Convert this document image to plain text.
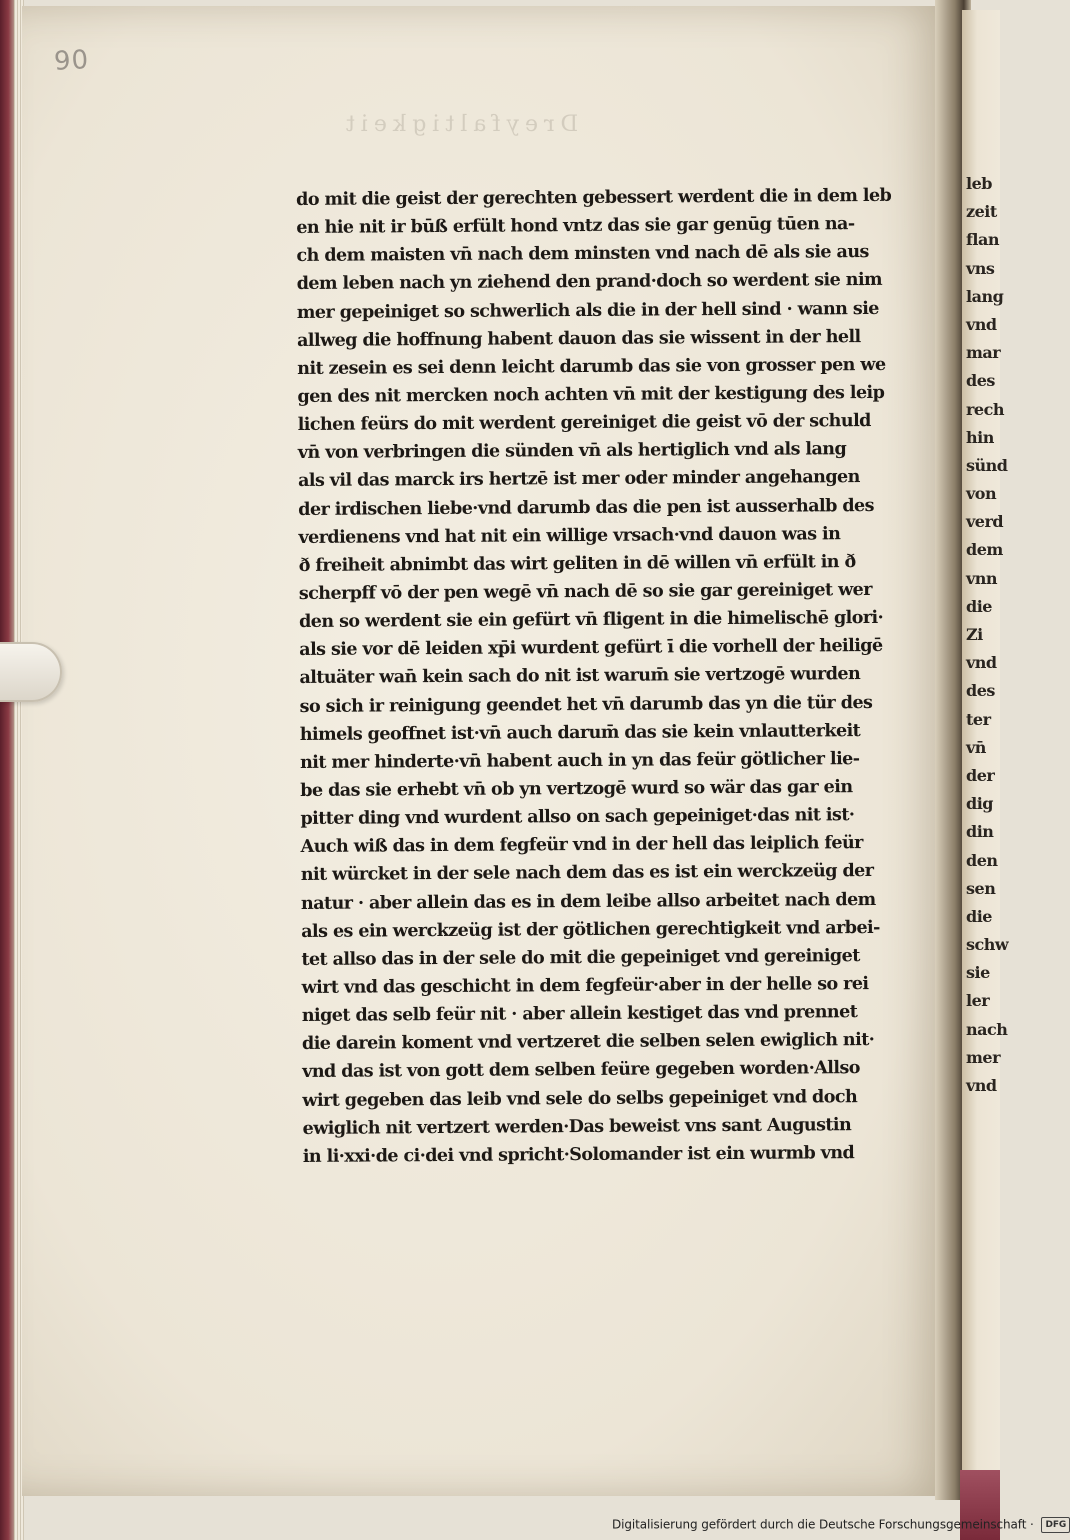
90
Dreyfaltigkeit
do mit die geist der gerechten gebessert werdent die in dem leb
en hie nit ir būß erfült hond vntz das sie gar genūg tūen na-
ch dem maisten vn̄ nach dem minsten vnd nach dē als sie aus
dem leben nach yn ziehend den prand·doch so werdent sie nim
mer gepeiniget so schwerlich als die in der hell sind · wann sie
allweg die hoffnung habent dauon das sie wissent in der hell
nit zesein es sei denn leicht darumb das sie von grosser pen we
gen des nit mercken noch achten vn̄ mit der kestigung des leip
lichen feürs do mit werdent gereiniget die geist vō der schuld
vn̄ von verbringen die sünden vn̄ als hertiglich vnd als lang
als vil das marck irs hertzē ist mer oder minder angehangen
der irdischen liebe·vnd darumb das die pen ist ausserhalb des
verdienens vnd hat nit ein willige vrsach·vnd dauon was in
ð freiheit abnimbt das wirt geliten in dē willen vn̄ erfült in ð
scherpff vō der pen wegē vn̄ nach dē so sie gar gereiniget wer
den so werdent sie ein gefürt vn̄ fligent in die himelischē glori·
als sie vor dē leiden xp̄i wurdent gefürt ī die vorhell der heiligē
altuäter wan̄ kein sach do nit ist warum̄ sie vertzogē wurden
so sich ir reinigung geendet het vn̄ darumb das yn die tür des
himels geoffnet ist·vn̄ auch darum̄ das sie kein vnlautterkeit
nit mer hinderte·vn̄ habent auch in yn das feür götlicher lie-
be das sie erhebt vn̄ ob yn vertzogē wurd so wär das gar ein
pitter ding vnd wurdent allso on sach gepeiniget·das nit ist·
Auch wiß das in dem fegfeür vnd in der hell das leiplich feür
nit würcket in der sele nach dem das es ist ein werckzeüg der
natur · aber allein das es in dem leibe allso arbeitet nach dem
als es ein werckzeüg ist der götlichen gerechtigkeit vnd arbei-
tet allso das in der sele do mit die gepeiniget vnd gereiniget
wirt vnd das geschicht in dem fegfeür·aber in der helle so rei
niget das selb feür nit · aber allein kestiget das vnd prennet
die darein koment vnd vertzeret die selben selen ewiglich nit·
vnd das ist von gott dem selben feüre gegeben worden·Allso
wirt gegeben das leib vnd sele do selbs gepeiniget vnd doch
ewiglich nit vertzert werden·Das beweist vns sant Augustin
in li·xxi·de ci·dei vnd spricht·Solomander ist ein wurmb vnd
leb
zeit
flan
vns
lang
vnd
mar
des
rech
hin
sünd
von
verd
dem
vnn
die
Zi
vnd
des
ter
vn̄
der
dig
din
den
sen
die
schw
sie
ler
nach
mer
vnd
Digitalisierung gefördert durch die Deutsche Forschungsgemeinschaft · DFG
